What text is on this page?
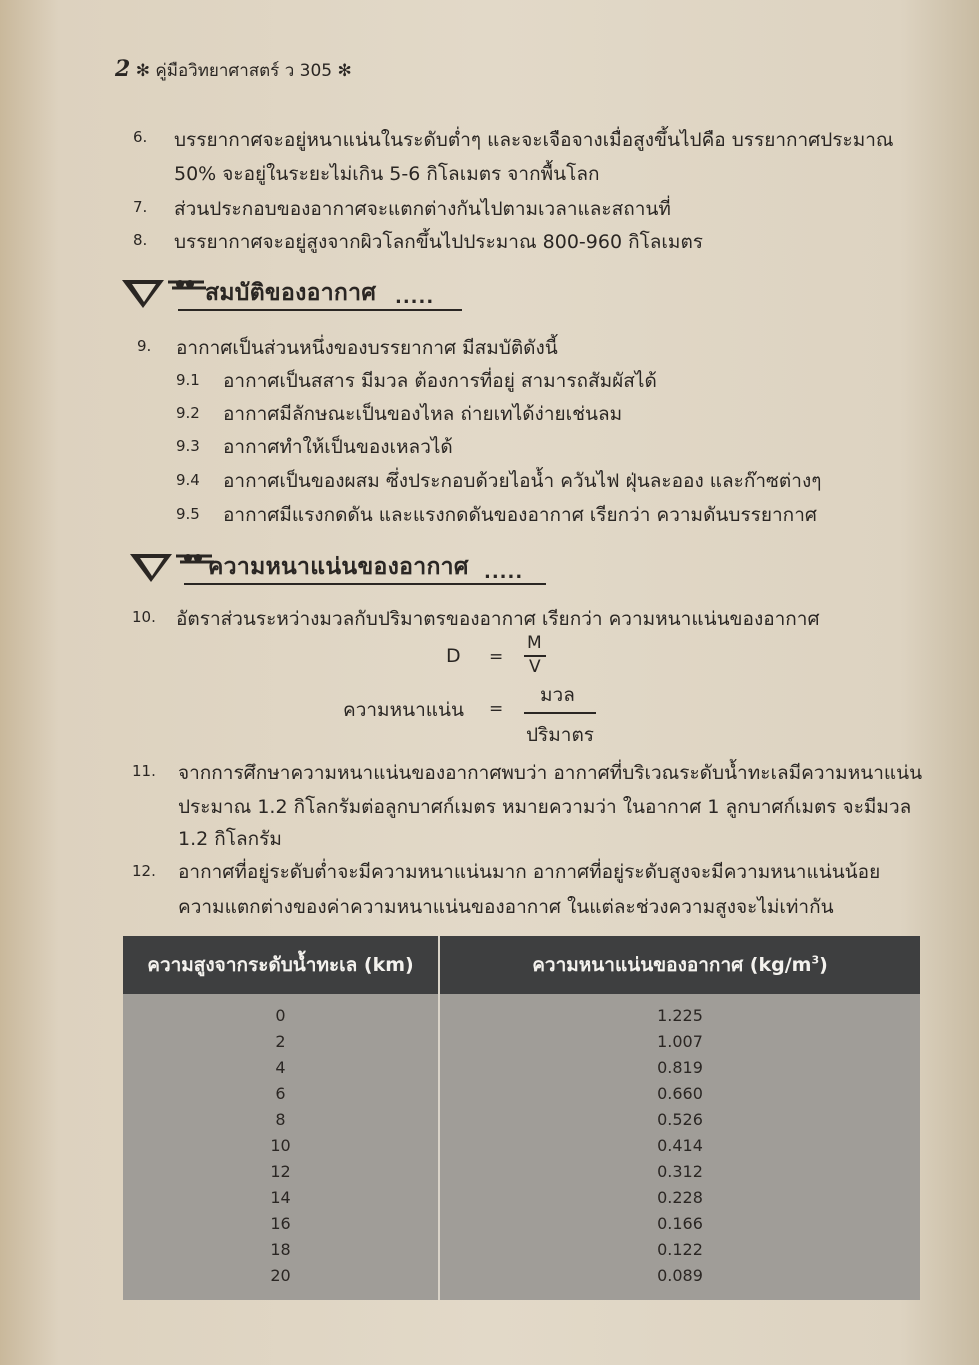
2 ✻ คู่มือวิทยาศาสตร์ ว 305 ✻
6. บรรยากาศจะอยู่หนาแน่นในระดับต่ำๆ และจะเจือจางเมื่อสูงขึ้นไปคือ บรรยากาศประมาณ
50% จะอยู่ในระยะไม่เกิน 5-6 กิโลเมตร จากพื้นโลก
7. ส่วนประกอบของอากาศจะแตกต่างกันไปตามเวลาและสถานที่
8. บรรยากาศจะอยู่สูงจากผิวโลกขึ้นไปประมาณ 800-960 กิโลเมตร
สมบัติของอากาศ .....
9. อากาศเป็นส่วนหนึ่งของบรรยากาศ มีสมบัติดังนี้
9.1 อากาศเป็นสสาร มีมวล ต้องการที่อยู่ สามารถสัมผัสได้
9.2 อากาศมีลักษณะเป็นของไหล ถ่ายเทได้ง่ายเช่นลม
9.3 อากาศทำให้เป็นของเหลวได้
9.4 อากาศเป็นของผสม ซึ่งประกอบด้วยไอน้ำ ควันไฟ ฝุ่นละออง และก๊าซต่างๆ
9.5 อากาศมีแรงกดดัน และแรงกดดันของอากาศ เรียกว่า ความดันบรรยากาศ
ความหนาแน่นของอากาศ .....
10. อัตราส่วนระหว่างมวลกับปริมาตรของอากาศ เรียกว่า ความหนาแน่นของอากาศ
D =
M
V
ความหนาแน่น =
มวล
ปริมาตร
11. จากการศึกษาความหนาแน่นของอากาศพบว่า อากาศที่บริเวณระดับน้ำทะเลมีความหนาแน่น
ประมาณ 1.2 กิโลกรัมต่อลูกบาศก์เมตร หมายความว่า ในอากาศ 1 ลูกบาศก์เมตร จะมีมวล
1.2 กิโลกรัม
12. อากาศที่อยู่ระดับต่ำจะมีความหนาแน่นมาก อากาศที่อยู่ระดับสูงจะมีความหนาแน่นน้อย
ความแตกต่างของค่าความหนาแน่นของอากาศ ในแต่ละช่วงความสูงจะไม่เท่ากัน
ความสูงจากระดับน้ำทะเล (km)	ความหนาแน่นของอากาศ $(kg/m^3)$
0	1.225
2	1.007
4	0.819
6	0.660
8	0.526
10	0.414
12	0.312
14	0.228
16	0.166
18	0.122
20	0.089
